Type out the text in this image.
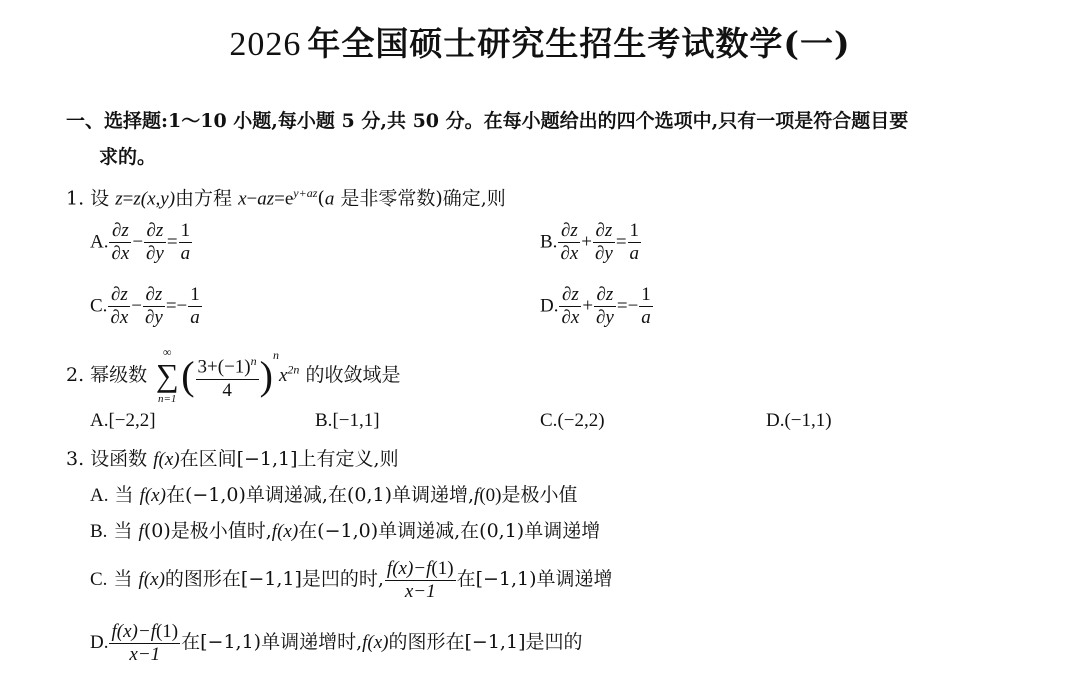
2026 年全国硕士研究生招生考试数学(一)
一、选择题:1～10 小题,每小题 5 分,共 50 分。在每小题给出的四个选项中,只有一项是符合题目要
求的。
1. 设 z=z(x,y)由方程 $x-az=e^{y+az}(a$ 是非零常数)确定,则
A. $\frac{\partial z}{\partial x} - \frac{\partial z}{\partial y} = \frac{1}{a}$	B. $\frac{\partial z}{\partial x} + \frac{\partial z}{\partial y} = \frac{1}{a}$
C. $\frac{\partial z}{\partial x} - \frac{\partial z}{\partial y} =- \frac{1}{a}$	D. $\frac{\partial z}{\partial x} + \frac{\partial z}{\partial y} =- \frac{1}{a}$
2. 幂级数
∞
∑
n=1
( $\frac{3+(-1)^n}{4} )^nx^{2n}$ 的收敛域是
A.[−2,2]	B.[−1,1]	C.(−2,2)	D.(−1,1)
3. 设函数 f(x)在区间[−1,1]上有定义,则
A. 当 f(x)在(−1,0)单调递减,在(0,1)单调递增,f(0)是极小值
B. 当 f(0)是极小值时,f(x)在(−1,0)单调递减,在(0,1)单调递增
C. 当 f(x)的图形在[−1,1]是凹的时, $\frac{f(x)-f(1)}{x-1}$ 在[−1,1)单调递增
D. $\frac{f(x)-f(1)}{x-1}$ 在[−1,1)单调递增时,f(x)的图形在[−1,1]是凹的
